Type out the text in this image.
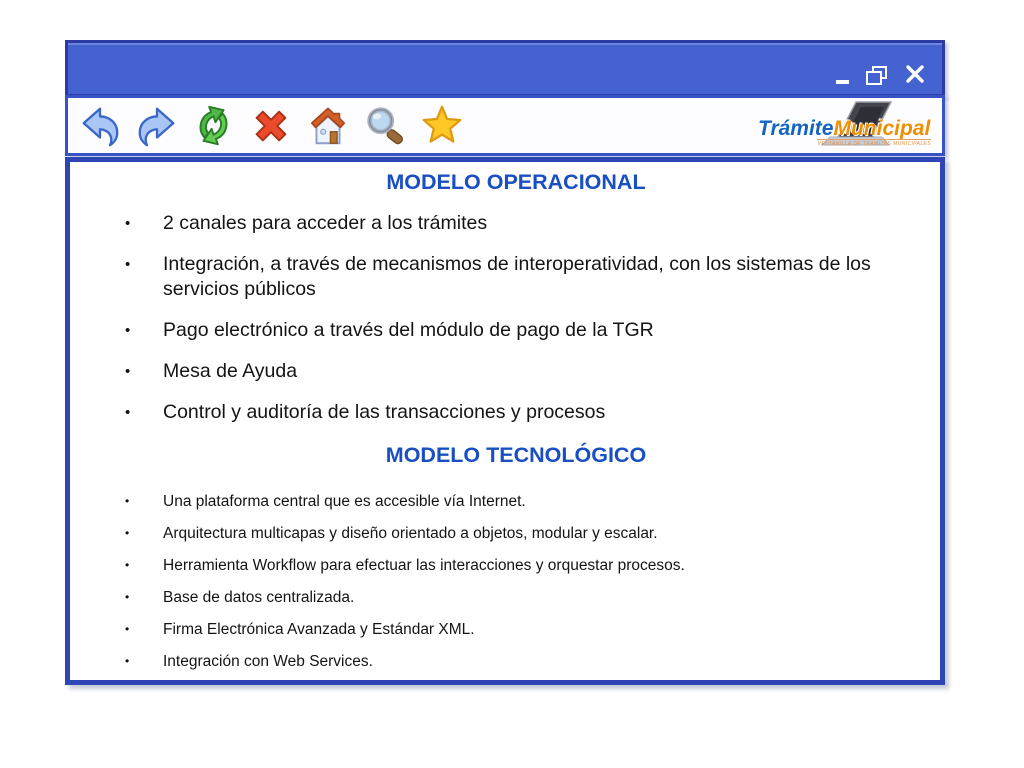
TrámiteMunicipal
VENTANILLA DE TRAMITES MUNICIPALES
MODELO OPERACIONAL
•	2 canales para acceder a los trámites
•	Integración, a través de mecanismos de interoperatividad, con los sistemas de los servicios públicos
•	Pago electrónico a través del módulo de pago de la TGR
•	Mesa de Ayuda
•	Control y auditoría de las transacciones y procesos
MODELO TECNOLÓGICO
•	Una plataforma central que es accesible vía Internet.
•	Arquitectura multicapas y diseño orientado a objetos, modular y escalar.
•	Herramienta Workflow para efectuar las interacciones y orquestar procesos.
•	Base de datos centralizada.
•	Firma Electrónica Avanzada y Estándar XML.
•	Integración con Web Services.
